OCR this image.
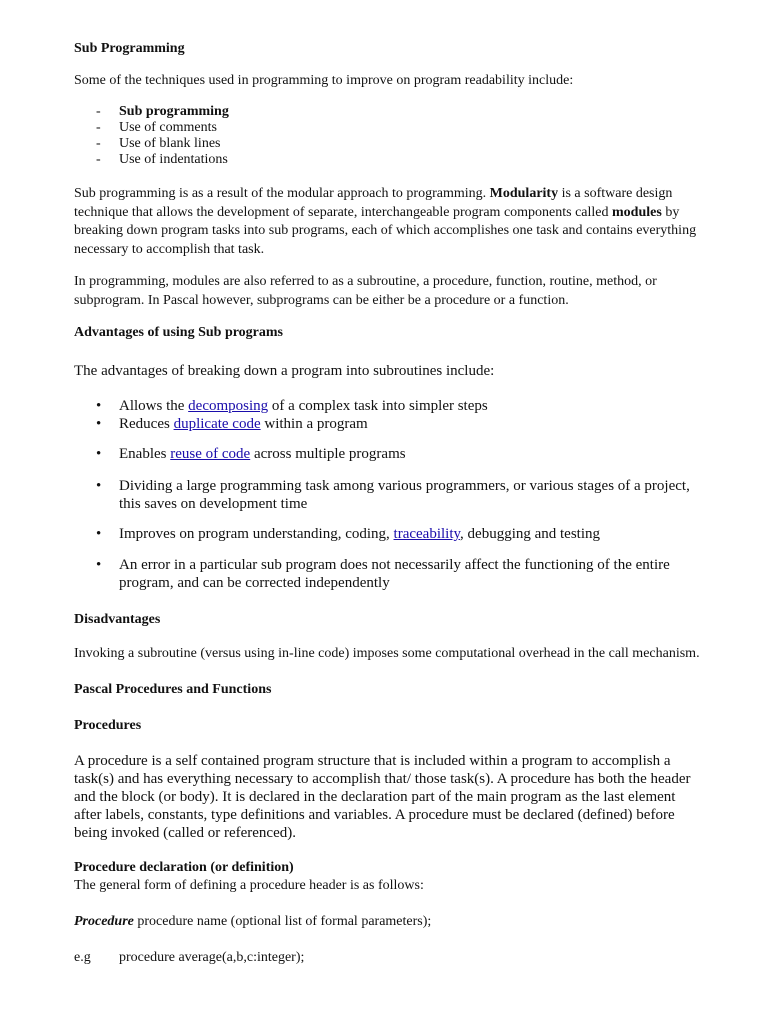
Sub Programming
Some of the techniques used in programming to improve on program readability include:
- Sub programming
- Use of comments
- Use of blank lines
- Use of indentations

Sub programming is as a result of the modular approach to programming. Modularity is a software design technique that allows the development of separate, interchangeable program components called modules by breaking down program tasks into sub programs, each of which accomplishes one task and contains everything necessary to accomplish that task.

In programming, modules are also referred to as a subroutine, a procedure, function, routine, method, or subprogram. In Pascal however, subprograms can be either be a procedure or a function.

Advantages of using Sub programs
The advantages of breaking down a program into subroutines include:
• Allows the decomposing of a complex task into simpler steps
• Reduces duplicate code within a program
• Enables reuse of code across multiple programs
• Dividing a large programming task among various programmers, or various stages of a project, this saves on development time
• Improves on program understanding, coding, traceability, debugging and testing
• An error in a particular sub program does not necessarily affect the functioning of the entire program, and can be corrected independently
Disadvantages
Invoking a subroutine (versus using in-line code) imposes some computational overhead in the call mechanism.
Pascal Procedures and Functions
Procedures

A procedure is a self contained program structure that is included within a program to accomplish a task(s) and has everything necessary to accomplish that/ those task(s). A procedure has both the header and the block (or body). It is declared in the declaration part of the main program as the last element after labels, constants, type definitions and variables. A procedure must be declared (defined) before being invoked (called or referenced).

Procedure declaration (or definition)
The general form of defining a procedure header is as follows:
Procedure procedure name (optional list of formal parameters);
e.g procedure average(a,b,c:integer);
